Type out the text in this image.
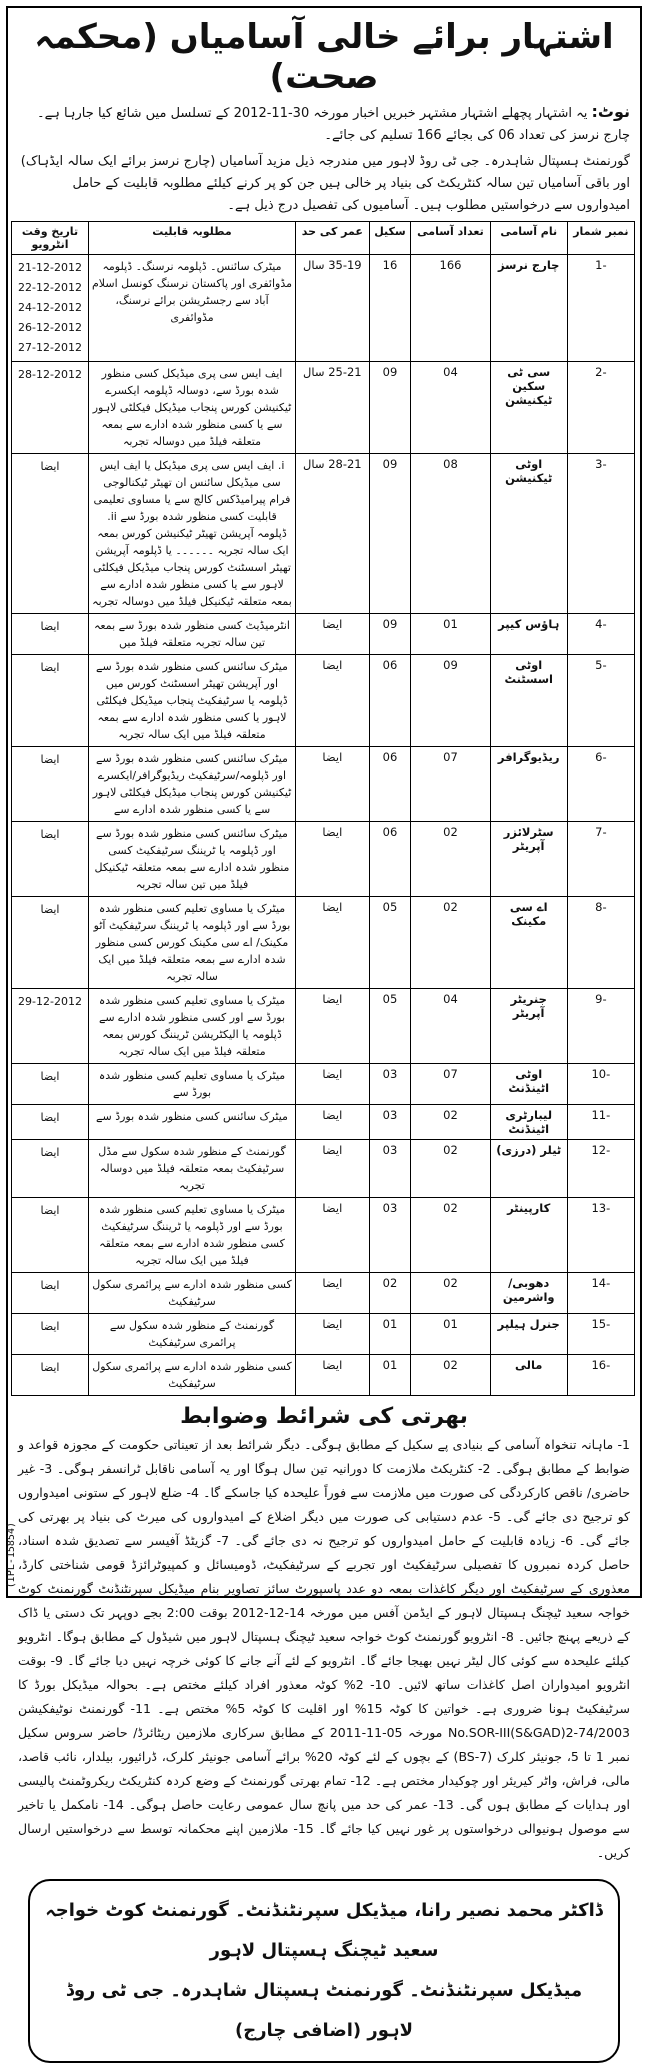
اشتہار برائے خالی آسامیاں (محکمہ صحت)
نوٹ: یہ اشتہار پچھلے اشتہار مشتہر خبریں اخبار مورخہ 30-11-2012 کے تسلسل میں شائع کیا جارہا ہے۔ چارج نرسز کی تعداد 06 کی بجائے 166 تسلیم کی جائے۔
گورنمنٹ ہسپتال شاہدرہ۔ جی ٹی روڈ لاہور میں مندرجہ ذیل مزید آسامیاں (چارج نرسز برائے ایک سالہ ایڈہاک) اور باقی آسامیاں تین سالہ کنٹریکٹ کی بنیاد پر خالی ہیں جن کو پر کرنے کیلئے مطلوبہ قابلیت کے حامل امیدواروں سے درخواستیں مطلوب ہیں۔ آسامیوں کی تفصیل درج ذیل ہے۔
نمبر شمار	نام آسامی	تعداد آسامی	سکیل	عمر کی حد	مطلوبہ قابلیت	تاریخ وقت انٹرویو
-1	چارج نرسز	166	16	35-19 سال	میٹرک سائنس۔ ڈپلومہ نرسنگ۔ ڈپلومہ مڈوائفری اور پاکستان نرسنگ کونسل اسلام آباد سے رجسٹریشن برائے نرسنگ، مڈوائفری	21-12-2012
22-12-2012
24-12-2012
26-12-2012
27-12-2012
-2	سی ٹی سکین ٹیکنیشن	04	09	25-21 سال	ایف ایس سی پری میڈیکل کسی منظور شدہ بورڈ سے، دوسالہ ڈپلومہ ایکسرے ٹیکنیشن کورس پنجاب میڈیکل فیکلٹی لاہور سے یا کسی منظور شدہ ادارے سے بمعہ متعلقہ فیلڈ میں دوسالہ تجربہ	28-12-2012
-3	اوٹی ٹیکنیشن	08	09	28-21 سال	i. ایف ایس سی پری میڈیکل یا ایف ایس سی میڈیکل سائنس ان تھیٹر ٹیکنالوجی فرام پیرامیڈکس کالج سے یا مساوی تعلیمی قابلیت کسی منظور شدہ بورڈ سے ii. ڈپلومہ آپریشن تھیٹر ٹیکنیشن کورس بمعہ ایک سالہ تجربہ ۔۔۔۔۔۔ یا ڈپلومہ آپریشن تھیٹر اسسٹنٹ کورس پنجاب میڈیکل فیکلٹی لاہور سے یا کسی منظور شدہ ادارے سے بمعہ متعلقہ ٹیکنیکل فیلڈ میں دوسالہ تجربہ	ایضا
-4	ہاؤس کیپر	01	09	ایضا	انٹرمیڈیٹ کسی منظور شدہ بورڈ سے بمعہ تین سالہ تجربہ متعلقہ فیلڈ میں	ایضا
-5	اوٹی اسسٹنٹ	09	06	ایضا	میٹرک سائنس کسی منظور شدہ بورڈ سے اور آپریشن تھیٹر اسسٹنٹ کورس میں ڈپلومہ یا سرٹیفکیٹ پنجاب میڈیکل فیکلٹی لاہور یا کسی منظور شدہ ادارے سے بمعہ متعلقہ فیلڈ میں ایک سالہ تجربہ	ایضا
-6	ریڈیوگرافر	07	06	ایضا	میٹرک سائنس کسی منظور شدہ بورڈ سے اور ڈپلومہ/سرٹیفکیٹ ریڈیوگرافر/ایکسرے ٹیکنیشن کورس پنجاب میڈیکل فیکلٹی لاہور سے یا کسی منظور شدہ ادارے سے	ایضا
-7	سٹرلائزر آپریٹر	02	06	ایضا	میٹرک سائنس کسی منظور شدہ بورڈ سے اور ڈپلومہ یا ٹریننگ سرٹیفکیٹ کسی منظور شدہ ادارے سے بمعہ متعلقہ ٹیکنیکل فیلڈ میں تین سالہ تجربہ	ایضا
-8	اے سی مکینک	02	05	ایضا	میٹرک یا مساوی تعلیم کسی منظور شدہ بورڈ سے اور ڈپلومہ یا ٹریننگ سرٹیفکیٹ آٹو مکینک/ اے سی مکینک کورس کسی منظور شدہ ادارے سے بمعہ متعلقہ فیلڈ میں ایک سالہ تجربہ	ایضا
-9	جنریٹر آپریٹر	04	05	ایضا	میٹرک یا مساوی تعلیم کسی منظور شدہ بورڈ سے اور کسی منظور شدہ ادارے سے ڈپلومہ یا الیکٹریشن ٹریننگ کورس بمعہ متعلقہ فیلڈ میں ایک سالہ تجربہ	29-12-2012
-10	اوٹی اٹینڈنٹ	07	03	ایضا	میٹرک یا مساوی تعلیم کسی منظور شدہ بورڈ سے	ایضا
-11	لیبارٹری اٹینڈنٹ	02	03	ایضا	میٹرک سائنس کسی منظور شدہ بورڈ سے	ایضا
-12	ٹیلر (درزی)	02	03	ایضا	گورنمنٹ کے منظور شدہ سکول سے مڈل سرٹیفکیٹ بمعہ متعلقہ فیلڈ میں دوسالہ تجربہ	ایضا
-13	کارپینٹر	02	03	ایضا	میٹرک یا مساوی تعلیم کسی منظور شدہ بورڈ سے اور ڈپلومہ یا ٹریننگ سرٹیفکیٹ کسی منظور شدہ ادارے سے بمعہ متعلقہ فیلڈ میں ایک سالہ تجربہ	ایضا
-14	دھوبی/واشرمین	02	02	ایضا	کسی منظور شدہ ادارے سے پرائمری سکول سرٹیفکیٹ	ایضا
-15	جنرل ہیلپر	01	01	ایضا	گورنمنٹ کے منظور شدہ سکول سے پرائمری سرٹیفکیٹ	ایضا
-16	مالی	02	01	ایضا	کسی منظور شدہ ادارے سے پرائمری سکول سرٹیفکیٹ	ایضا
بھرتی کی شرائط وضوابط
1- ماہانہ تنخواہ آسامی کے بنیادی پے سکیل کے مطابق ہوگی۔ دیگر شرائط بعد از تعیناتی حکومت کے مجوزہ قواعد و ضوابط کے مطابق ہوگی۔ 2- کنٹریکٹ ملازمت کا دورانیہ تین سال ہوگا اور یہ آسامی ناقابل ٹرانسفر ہوگی۔ 3- غیر حاضری/ ناقص کارکردگی کی صورت میں ملازمت سے فوراً علیحدہ کیا جاسکے گا۔ 4- ضلع لاہور کے ستونی امیدواروں کو ترجیح دی جائے گی۔ 5- عدم دستیابی کی صورت میں دیگر اضلاع کے امیدواروں کی میرٹ کی بنیاد پر بھرتی کی جائے گی۔ 6- زیادہ قابلیت کے حامل امیدواروں کو ترجیح نہ دی جائے گی۔ 7- گزیٹڈ آفیسر سے تصدیق شدہ اسناد، حاصل کردہ نمبروں کا تفصیلی سرٹیفکیٹ اور تجربے کے سرٹیفکیٹ، ڈومیسائل و کمپیوٹرائزڈ قومی شناختی کارڈ، معذوری کے سرٹیفکیٹ اور دیگر کاغذات بمعہ دو عدد پاسپورٹ سائز تصاویر بنام میڈیکل سپرنٹنڈنٹ گورنمنٹ کوٹ خواجہ سعید ٹیچنگ ہسپتال لاہور کے ایڈمن آفس میں مورخہ 14-12-2012 بوقت 2:00 بجے دوپہر تک دستی یا ڈاک کے ذریعے پہنچ جائیں۔ 8- انٹرویو گورنمنٹ کوٹ خواجہ سعید ٹیچنگ ہسپتال لاہور میں شیڈول کے مطابق ہوگا۔ انٹرویو کیلئے علیحدہ سے کوئی کال لیٹر نہیں بھیجا جائے گا۔ انٹرویو کے لئے آنے جانے کا کوئی خرچہ نہیں دیا جائے گا۔ 9- بوقت انٹرویو امیدواران اصل کاغذات ساتھ لائیں۔ 10- 2% کوٹہ معذور افراد کیلئے مختص ہے۔ بحوالہ میڈیکل بورڈ کا سرٹیفکیٹ ہونا ضروری ہے۔ خواتین کا کوٹہ 15% اور اقلیت کا کوٹہ 5% مختص ہے۔ 11- گورنمنٹ نوٹیفکیشن No.SOR-III(S&GAD)2-74/2003 مورخہ 05-11-2011 کے مطابق سرکاری ملازمین ریٹائرڈ/ حاضر سروس سکیل نمبر 1 تا 5، جونیئر کلرک (BS-7) کے بچوں کے لئے کوٹہ 20% برائے آسامی جونیئر کلرک، ڈرائیور، بیلدار، نائب قاصد، مالی، فراش، واٹر کیریئر اور چوکیدار مختص ہے۔ 12- تمام بھرتی گورنمنٹ کے وضع کردہ کنٹریکٹ ریکروٹمنٹ پالیسی اور ہدایات کے مطابق ہوں گی۔ 13- عمر کی حد میں پانچ سال عمومی رعایت حاصل ہوگی۔ 14- نامکمل یا تاخیر سے موصول ہونیوالی درخواستوں پر غور نہیں کیا جائے گا۔ 15- ملازمین اپنے محکمانہ توسط سے درخواستیں ارسال کریں۔
ڈاکٹر محمد نصیر رانا، میڈیکل سپرنٹنڈنٹ۔ گورنمنٹ کوٹ خواجہ سعید ٹیچنگ ہسپتال لاہور
میڈیکل سپرنٹنڈنٹ۔ گورنمنٹ ہسپتال شاہدرہ۔ جی ٹی روڈ لاہور (اضافی چارج)
(IPL-15854)
